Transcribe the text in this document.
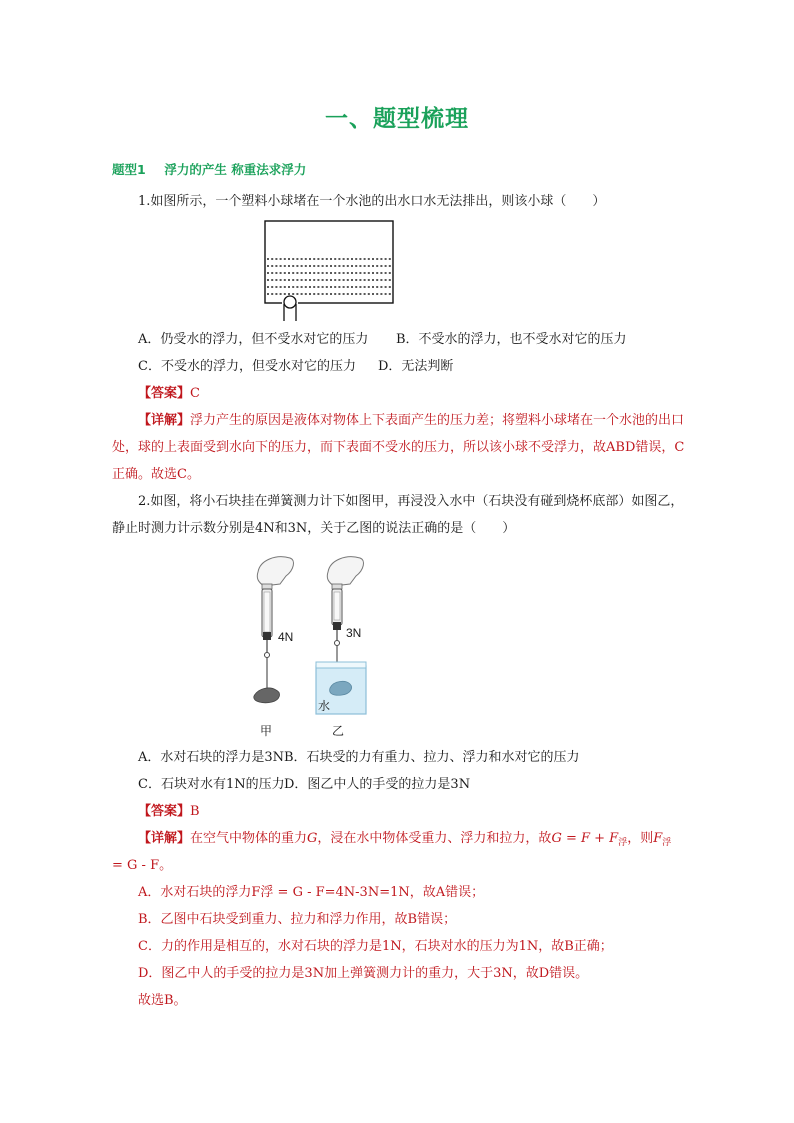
一、题型梳理
题型1 浮力的产生 称重法求浮力
1.如图所示，一个塑料小球堵在一个水池的出水口水无法排出，则该小球（　　）
A．仍受水的浮力，但不受水对它的压力 B．不受水的浮力，也不受水对它的压力
C．不受水的浮力，但受水对它的压力 D．无法判断
【答案】C
【详解】浮力产生的原因是液体对物体上下表面产生的压力差；将塑料小球堵在一个水池的出口
处，球的上表面受到水向下的压力，而下表面不受水的压力，所以该小球不受浮力，故ABD错误，C
正确。故选C。
2.如图，将小石块挂在弹簧测力计下如图甲，再浸没入水中（石块没有碰到烧杯底部）如图乙，
静止时测力计示数分别是4N和3N，关于乙图的说法正确的是（　　）
4N	3N
水
甲	乙
A．水对石块的浮力是3NB．石块受的力有重力、拉力、浮力和水对它的压力
C．石块对水有1N的压力D．图乙中人的手受的拉力是3N
【答案】B
【详解】在空气中物体的重力G，浸在水中物体受重力、浮力和拉力，故$G = F + F_浮$，则$F_浮$
= G - F。
A．水对石块的浮力F浮 = G - F=4N-3N=1N，故A错误；
B．乙图中石块受到重力、拉力和浮力作用，故B错误；
C．力的作用是相互的，水对石块的浮力是1N，石块对水的压力为1N，故B正确；
D．图乙中人的手受的拉力是3N加上弹簧测力计的重力，大于3N，故D错误。
故选B。
